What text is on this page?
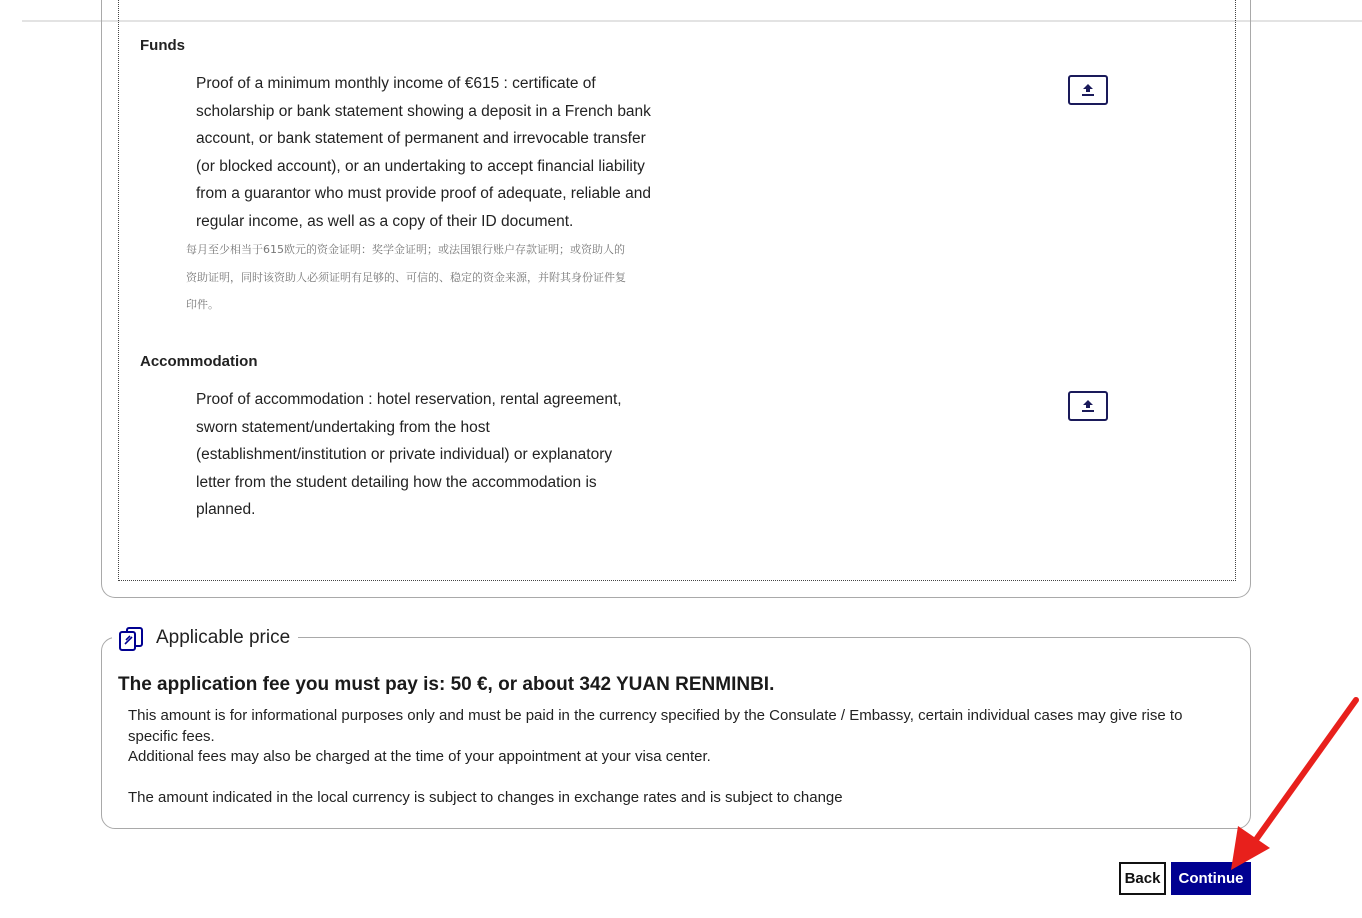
Funds
Proof of a minimum monthly income of €615 : certificate of
scholarship or bank statement showing a deposit in a French bank
account, or bank statement of permanent and irrevocable transfer
(or blocked account), or an undertaking to accept financial liability
from a guarantor who must provide proof of adequate, reliable and
regular income, as well as a copy of their ID document.
每月至少相当于615欧元的资金证明：奖学金证明；或法国银行账户存款证明；或资助人的
资助证明，同时该资助人必须证明有足够的、可信的、稳定的资金来源，并附其身份证件复
印件。
Accommodation
Proof of accommodation : hotel reservation, rental agreement,
sworn statement/undertaking from the host
(establishment/institution or private individual) or explanatory
letter from the student detailing how the accommodation is
planned.
Applicable price
The application fee you must pay is: 50 €, or about 342 YUAN RENMINBI.
This amount is for informational purposes only and must be paid in the currency specified by the Consulate / Embassy, certain individual cases may give rise to specific fees.
Additional fees may also be charged at the time of your appointment at your visa center.
The amount indicated in the local currency is subject to changes in exchange rates and is subject to change
Back	Continue
